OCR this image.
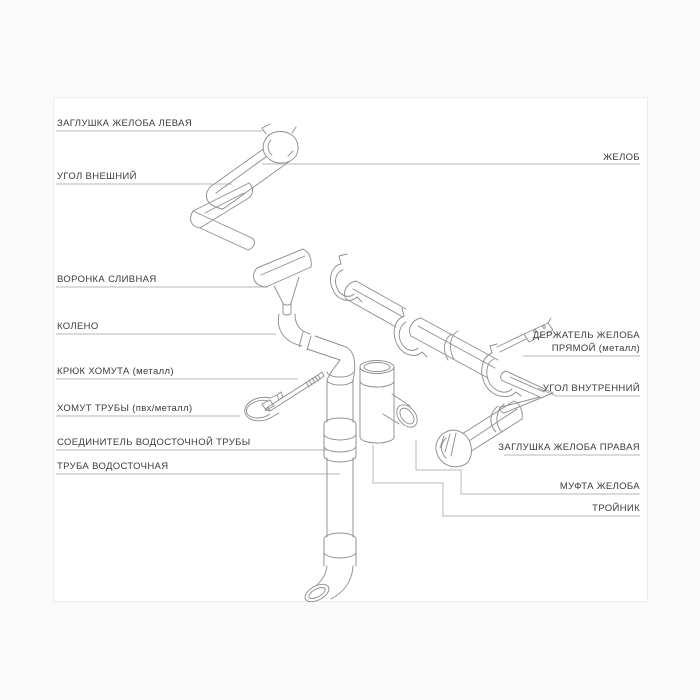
ЗАГЛУШКА ЖЕЛОБА ЛЕВАЯ
УГОЛ ВНЕШНИЙ
ВОРОНКА СЛИВНАЯ
КОЛЕНО
КРЮК ХОМУТА (металл)
ХОМУТ ТРУБЫ (пвх/металл)
СОЕДИНИТЕЛЬ ВОДОСТОЧНОЙ ТРУБЫ
ТРУБА ВОДОСТОЧНАЯ
ЖЕЛОБ
ДЕРЖАТЕЛЬ ЖЕЛОБА
ПРЯМОЙ (металл)
УГОЛ ВНУТРЕННИЙ
ЗАГЛУШКА ЖЕЛОБА ПРАВАЯ
МУФТА ЖЕЛОБА
ТРОЙНИК
